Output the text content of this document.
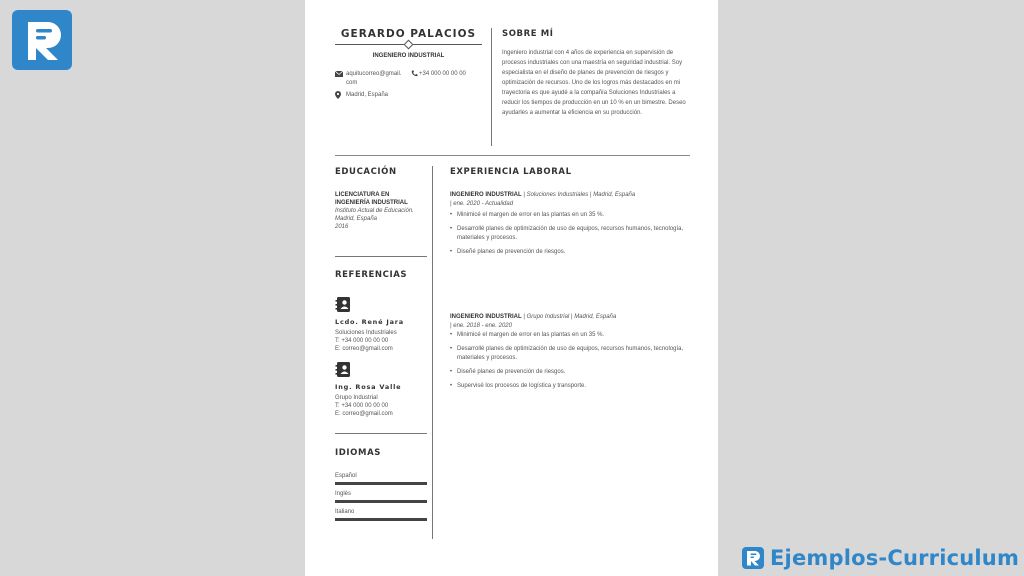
GERARDO PALACIOS
INGENIERO INDUSTRIAL
aquitucorreo@gmail.
com
+34 000 00 00 00
Madrid, España
SOBRE MÍ
Ingeniero industrial con 4 años de experiencia en supervisión de procesos industriales con una maestría en seguridad industrial. Soy especialista en el diseño de planes de prevención de riesgos y optimización de recursos. Uno de los logros más destacados en mi trayectoria es que ayudé a la compañía Soluciones Industriales a reducir los tiempos de producción en un 10 % en un bimestre. Deseo ayudarles a aumentar la eficiencia en su producción.
EDUCACIÓN
LICENCIATURA EN
INGENIERÍA INDUSTRIAL
Instituto Actual de Educación.
Madrid, España
2016
REFERENCIAS
Lcdo. René Jara
Soluciones Industriales
T: +34 000 00 00 00
E: correo@gmail.com
Ing. Rosa Valle
Grupo Industrial
T: +34 000 00 00 00
E: correo@gmail.com
IDIOMAS
Español
Inglés
Italiano
EXPERIENCIA LABORAL
INGENIERO INDUSTRIAL | Soluciones Industriales | Madrid, España
| ene. 2020 - Actualidad
• Minimicé el margen de error en las plantas en un 35 %.
• Desarrollé planes de optimización de uso de equipos, recursos humanos, tecnología, materiales y procesos.
• Diseñé planes de prevención de riesgos.
INGENIERO INDUSTRIAL | Grupo Industrial | Madrid, España
| ene. 2018 - ene. 2020
• Minimicé el margen de error en las plantas en un 35 %.
• Desarrollé planes de optimización de uso de equipos, recursos humanos, tecnología, materiales y procesos.
• Diseñé planes de prevención de riesgos.
• Supervisé los procesos de logística y transporte.
Ejemplos-Curriculum
